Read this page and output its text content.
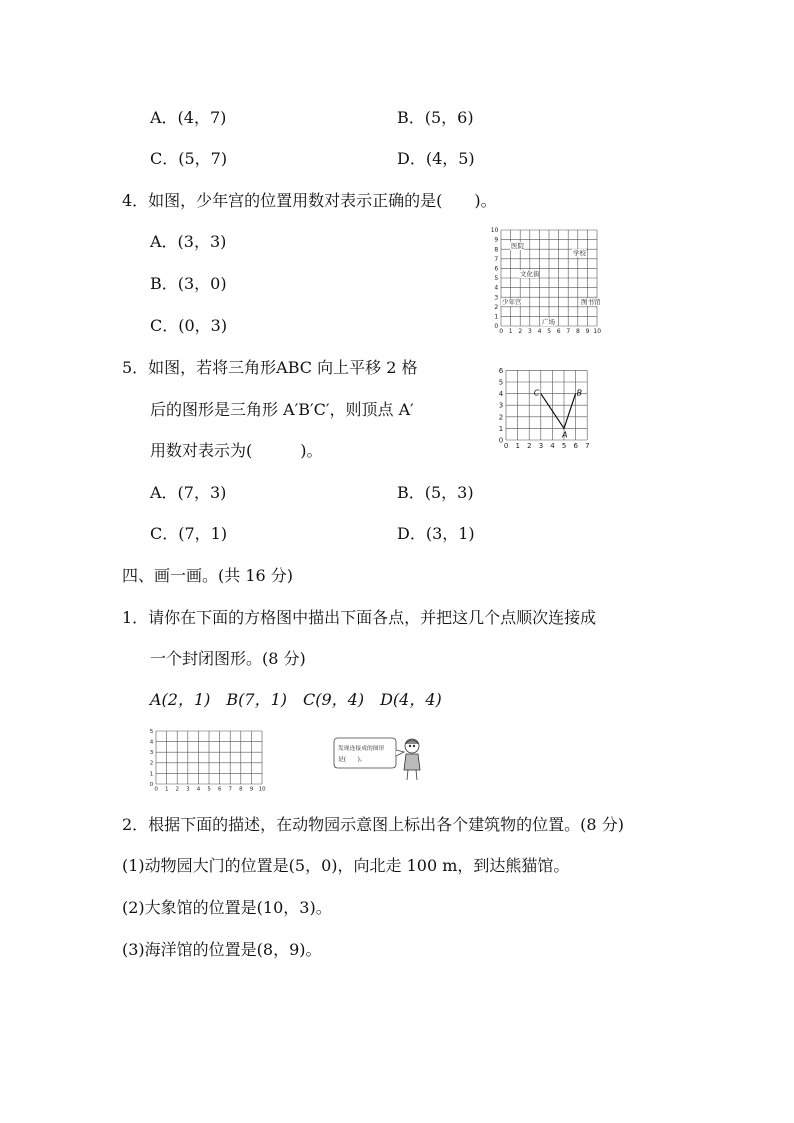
A．(4，7)	B．(5，6)
C．(5，7)	D．(4，5)
4．如图，少年宫的位置用数对表示正确的是(　　)。
A．(3，3)
B．(3，0)
C．(0，3)	0 1 2 3 4 5 6 7 8 9 10
0
1
2
3
4
5
6
7
8
9
10
医院
学校
文化街
少年宫	图书馆
广场
5．如图，若将三角形ABC 向上平移 2 格
后的图形是三角形 A′B′C′，则顶点 A′
用数对表示为(　　　)。	0 1 2 3 4 5 6 7
0
1
2
3
4
5
6
A
B
C
A．(7，3)	B．(5，3)
C．(7，1)	D．(3，1)
四、画一画。(共 16 分)
1．请你在下面的方格图中描出下面各点，并把这几个点顺次连接成
一个封闭图形。(8 分)
A(2，1)　B(7，1)　C(9，4)　D(4，4)
0 1 2 3 4 5 6 7 8 9 10
0
1
2
3
4
5
发现连接成的图形
是(　　)。
2．根据下面的描述，在动物园示意图上标出各个建筑物的位置。(8 分)
(1)动物园大门的位置是(5，0)，向北走 100 m，到达熊猫馆。
(2)大象馆的位置是(10，3)。
(3)海洋馆的位置是(8，9)。
